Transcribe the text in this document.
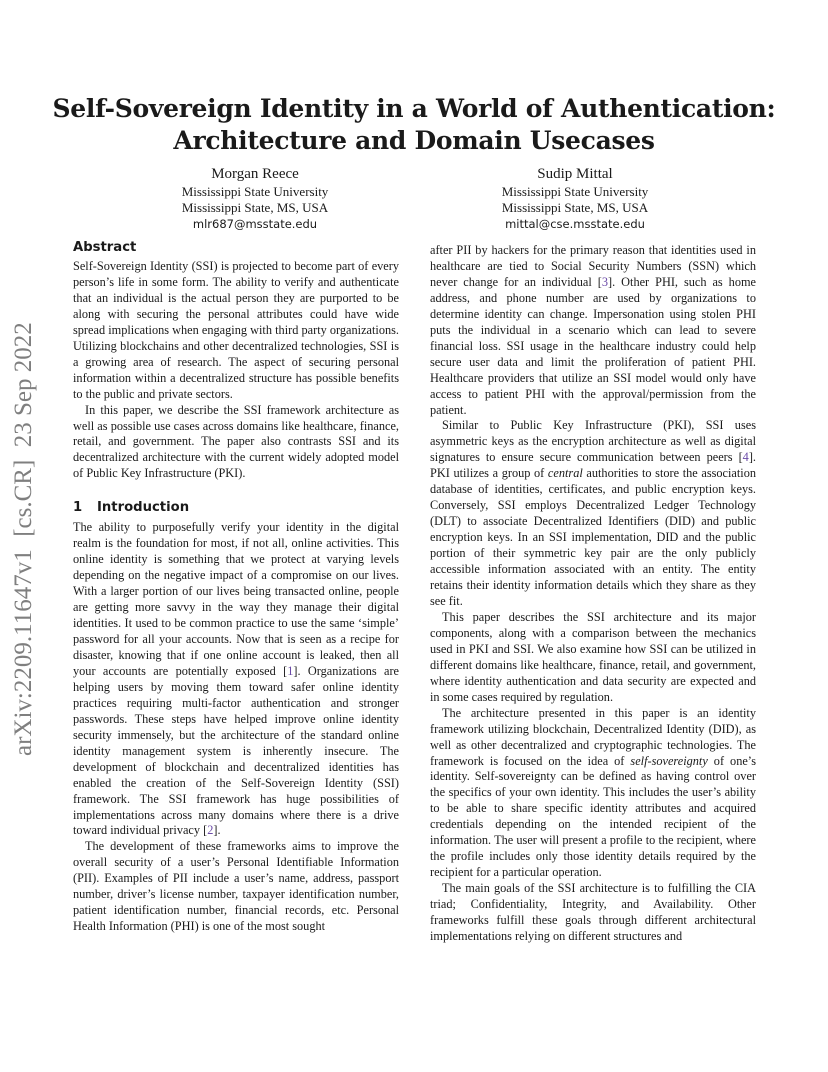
Self-Sovereign Identity in a World of Authentication:
Architecture and Domain Usecases
Morgan Reece
Mississippi State University
Mississippi State, MS, USA
mlr687@msstate.edu
Sudip Mittal
Mississippi State University
Mississippi State, MS, USA
mittal@cse.msstate.edu
arXiv:2209.11647v1  [cs.CR]  23 Sep 2022
Abstract

Self-Sovereign Identity (SSI) is projected to become part of every person’s life in some form. The ability to verify and authenticate that an individual is the actual person they are purported to be along with securing the personal attributes could have wide spread implications when engaging with third party organizations. Utilizing blockchains and other decentralized technologies, SSI is a growing area of research. The aspect of securing personal information within a decentralized structure has possible benefits to the public and private sectors.

In this paper, we describe the SSI framework architecture as well as possible use cases across domains like healthcare, finance, retail, and government. The paper also contrasts SSI and its decentralized architecture with the current widely adopted model of Public Key Infrastructure (PKI).

1 Introduction

The ability to purposefully verify your identity in the digital realm is the foundation for most, if not all, online activities. This online identity is something that we protect at varying levels depending on the negative impact of a compromise on our lives. With a larger portion of our lives being transacted online, people are getting more savvy in the way they manage their digital identities. It used to be common practice to use the same ‘simple’ password for all your accounts. Now that is seen as a recipe for disaster, knowing that if one online account is leaked, then all your accounts are potentially exposed [1]. Organizations are helping users by moving them toward safer online identity practices requiring multi-factor authentication and stronger passwords. These steps have helped improve online identity security immensely, but the architecture of the standard online identity management system is inherently insecure. The development of blockchain and decentralized identities has enabled the creation of the Self-Sovereign Identity (SSI) framework. The SSI framework has huge possibilities of implementations across many domains where there is a drive toward individual privacy [2].

The development of these frameworks aims to improve the overall security of a user’s Personal Identifiable Information (PII). Examples of PII include a user’s name, address, passport number, driver’s license number, taxpayer identification number, patient identification number, financial records, etc. Personal Health Information (PHI) is one of the most sought

after PII by hackers for the primary reason that identities used in healthcare are tied to Social Security Numbers (SSN) which never change for an individual [3]. Other PHI, such as home address, and phone number are used by organizations to determine identity can change. Impersonation using stolen PHI puts the individual in a scenario which can lead to severe financial loss. SSI usage in the healthcare industry could help secure user data and limit the proliferation of patient PHI. Healthcare providers that utilize an SSI model would only have access to patient PHI with the approval/permission from the patient.

Similar to Public Key Infrastructure (PKI), SSI uses asymmetric keys as the encryption architecture as well as digital signatures to ensure secure communication between peers [4]. PKI utilizes a group of central authorities to store the association database of identities, certificates, and public encryption keys. Conversely, SSI employs Decentralized Ledger Technology (DLT) to associate Decentralized Identifiers (DID) and public encryption keys. In an SSI implementation, DID and the public portion of their symmetric key pair are the only publicly accessible information associated with an entity. The entity retains their identity information details which they share as they see fit.

This paper describes the SSI architecture and its major components, along with a comparison between the mechanics used in PKI and SSI. We also examine how SSI can be utilized in different domains like healthcare, finance, retail, and government, where identity authentication and data security are expected and in some cases required by regulation.

The architecture presented in this paper is an identity framework utilizing blockchain, Decentralized Identity (DID), as well as other decentralized and cryptographic technologies. The framework is focused on the idea of self-sovereignty of one’s identity. Self-sovereignty can be defined as having control over the specifics of your own identity. This includes the user’s ability to be able to share specific identity attributes and acquired credentials depending on the intended recipient of the information. The user will present a profile to the recipient, where the profile includes only those identity details required by the recipient for a particular operation.

The main goals of the SSI architecture is to fulfilling the CIA triad; Confidentiality, Integrity, and Availability. Other frameworks fulfill these goals through different architectural implementations relying on different structures and
